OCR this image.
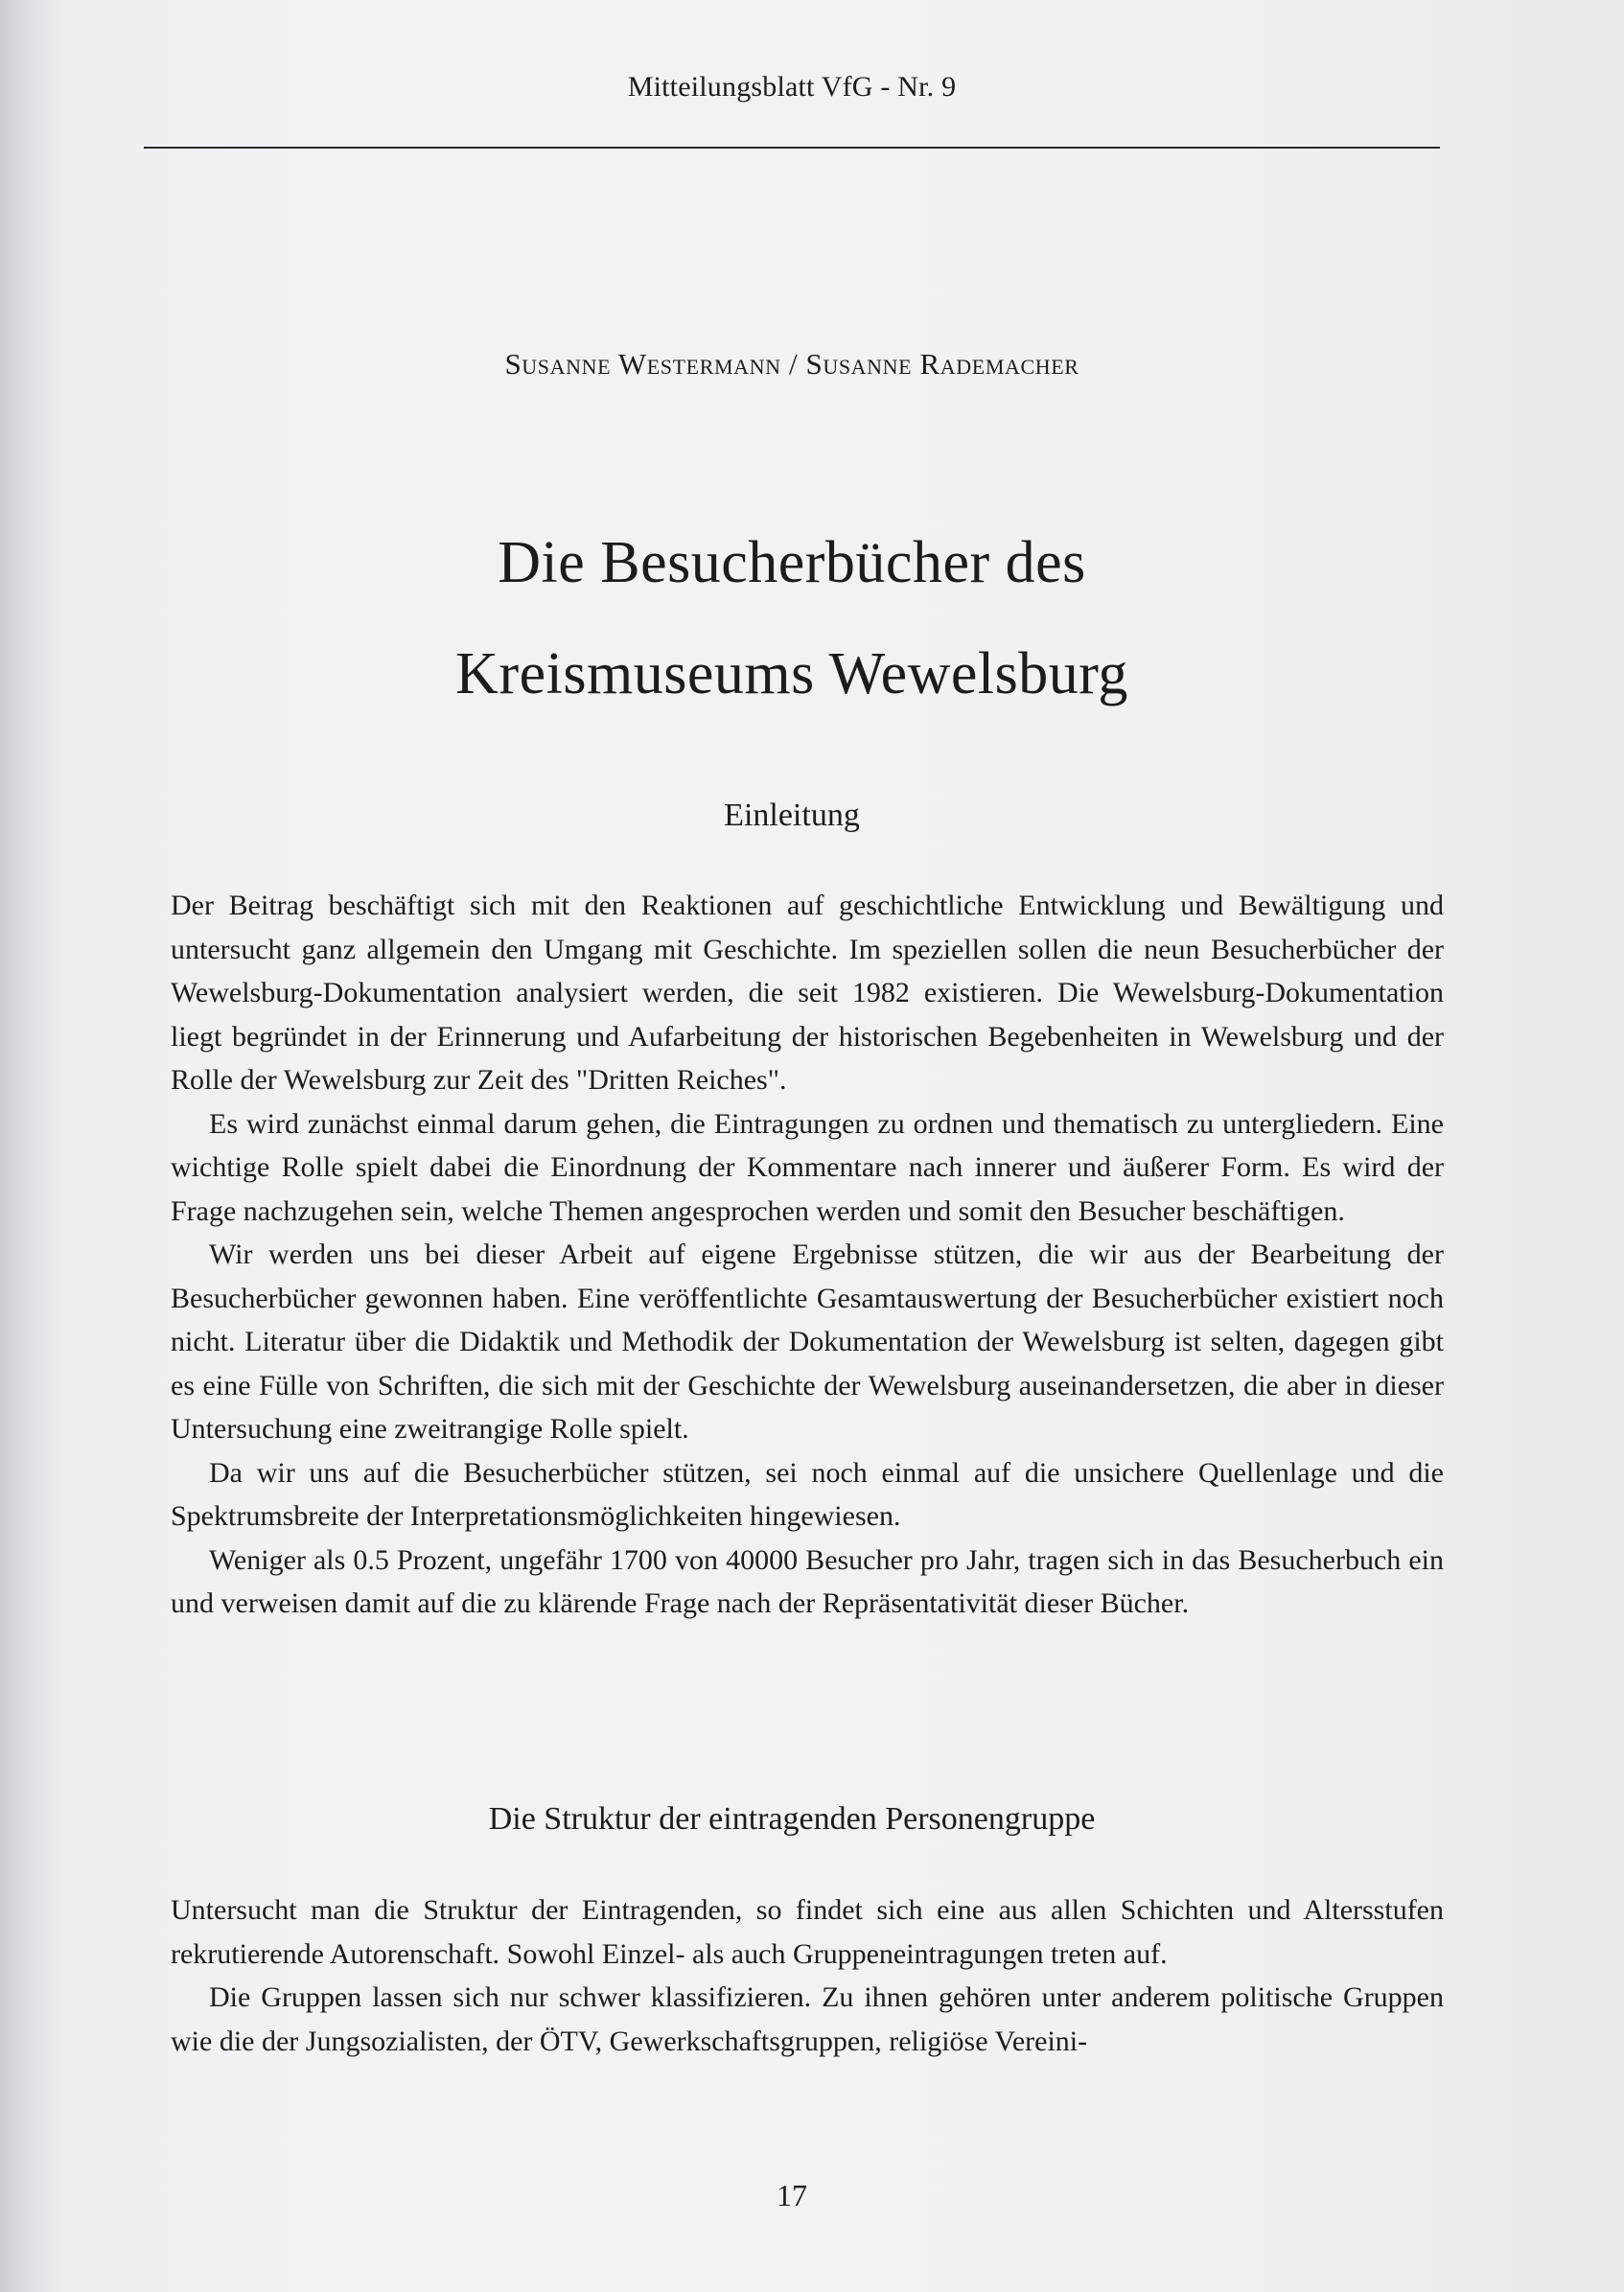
Mitteilungsblatt VfG - Nr. 9
Susanne Westermann / Susanne Rademacher
Die Besucherbücher des
Kreismuseums Wewelsburg
Einleitung

Der Beitrag beschäftigt sich mit den Reaktionen auf geschichtliche Entwicklung und Bewältigung und untersucht ganz allgemein den Umgang mit Geschichte. Im speziellen sollen die neun Besucherbücher der Wewelsburg-Dokumentation analysiert werden, die seit 1982 existieren. Die Wewelsburg-Dokumentation liegt begründet in der Erinnerung und Aufarbeitung der historischen Begebenheiten in Wewelsburg und der Rolle der Wewelsburg zur Zeit des "Dritten Reiches".

Es wird zunächst einmal darum gehen, die Eintragungen zu ordnen und thematisch zu untergliedern. Eine wichtige Rolle spielt dabei die Einordnung der Kommentare nach innerer und äußerer Form. Es wird der Frage nachzugehen sein, welche Themen angesprochen werden und somit den Besucher beschäftigen.

Wir werden uns bei dieser Arbeit auf eigene Ergebnisse stützen, die wir aus der Bearbeitung der Besucherbücher gewonnen haben. Eine veröffentlichte Gesamtauswertung der Besucherbücher existiert noch nicht. Literatur über die Didaktik und Methodik der Dokumentation der Wewelsburg ist selten, dagegen gibt es eine Fülle von Schriften, die sich mit der Geschichte der Wewelsburg auseinandersetzen, die aber in dieser Untersuchung eine zweitrangige Rolle spielt.

Da wir uns auf die Besucherbücher stützen, sei noch einmal auf die unsichere Quellenlage und die Spektrumsbreite der Interpretationsmöglichkeiten hingewiesen.

Weniger als 0.5 Prozent, ungefähr 1700 von 40000 Besucher pro Jahr, tragen sich in das Besucherbuch ein und verweisen damit auf die zu klärende Frage nach der Repräsentativität dieser Bücher.

Die Struktur der eintragenden Personengruppe

Untersucht man die Struktur der Eintragenden, so findet sich eine aus allen Schichten und Altersstufen rekrutierende Autorenschaft. Sowohl Einzel- als auch Gruppeneintragungen treten auf.

Die Gruppen lassen sich nur schwer klassifizieren. Zu ihnen gehören unter anderem politische Gruppen wie die der Jungsozialisten, der ÖTV, Gewerkschaftsgruppen, religiöse Vereini-

17
